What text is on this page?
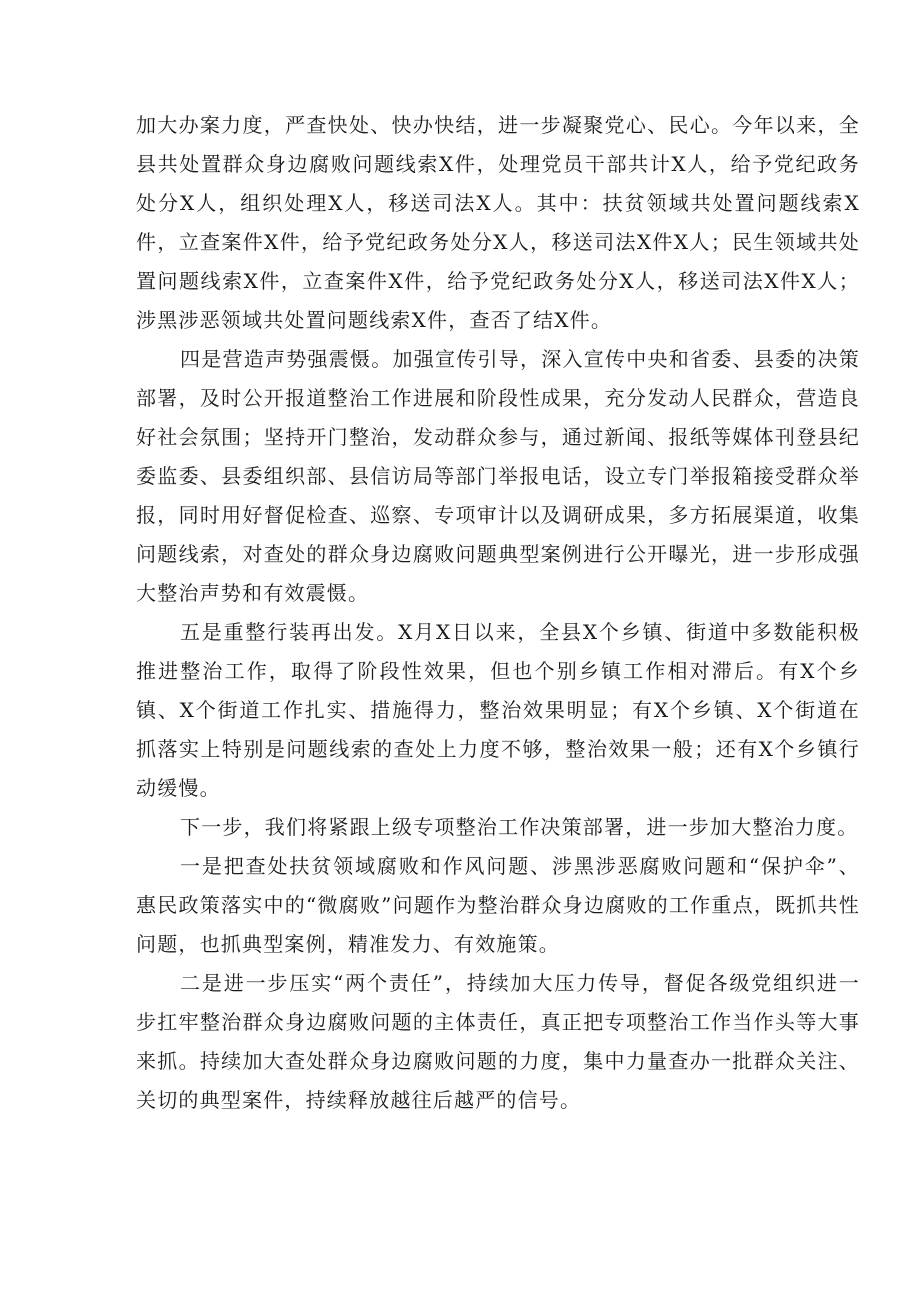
加大办案力度，严查快处、快办快结，进一步凝聚党心、民心。今年以来，全县共处置群众身边腐败问题线索X件，处理党员干部共计X人，给予党纪政务处分X人，组织处理X人，移送司法X人。其中：扶贫领域共处置问题线索X件，立查案件X件，给予党纪政务处分X人，移送司法X件X人；民生领域共处置问题线索X件，立查案件X件，给予党纪政务处分X人，移送司法X件X人；涉黑涉恶领域共处置问题线索X件，查否了结X件。

四是营造声势强震慑。加强宣传引导，深入宣传中央和省委、县委的决策部署，及时公开报道整治工作进展和阶段性成果，充分发动人民群众，营造良好社会氛围；坚持开门整治，发动群众参与，通过新闻、报纸等媒体刊登县纪委监委、县委组织部、县信访局等部门举报电话，设立专门举报箱接受群众举报，同时用好督促检查、巡察、专项审计以及调研成果，多方拓展渠道，收集问题线索，对查处的群众身边腐败问题典型案例进行公开曝光，进一步形成强大整治声势和有效震慑。

五是重整行装再出发。X月X日以来，全县X个乡镇、街道中多数能积极推进整治工作，取得了阶段性效果，但也个别乡镇工作相对滞后。有X个乡镇、X个街道工作扎实、措施得力，整治效果明显；有X个乡镇、X个街道在抓落实上特别是问题线索的查处上力度不够，整治效果一般；还有X个乡镇行动缓慢。

下一步，我们将紧跟上级专项整治工作决策部署，进一步加大整治力度。

一是把查处扶贫领域腐败和作风问题、涉黑涉恶腐败问题和“保护伞”、惠民政策落实中的“微腐败”问题作为整治群众身边腐败的工作重点，既抓共性问题，也抓典型案例，精准发力、有效施策。

二是进一步压实“两个责任”，持续加大压力传导，督促各级党组织进一步扛牢整治群众身边腐败问题的主体责任，真正把专项整治工作当作头等大事来抓。持续加大查处群众身边腐败问题的力度，集中力量查办一批群众关注、关切的典型案件，持续释放越往后越严的信号。
